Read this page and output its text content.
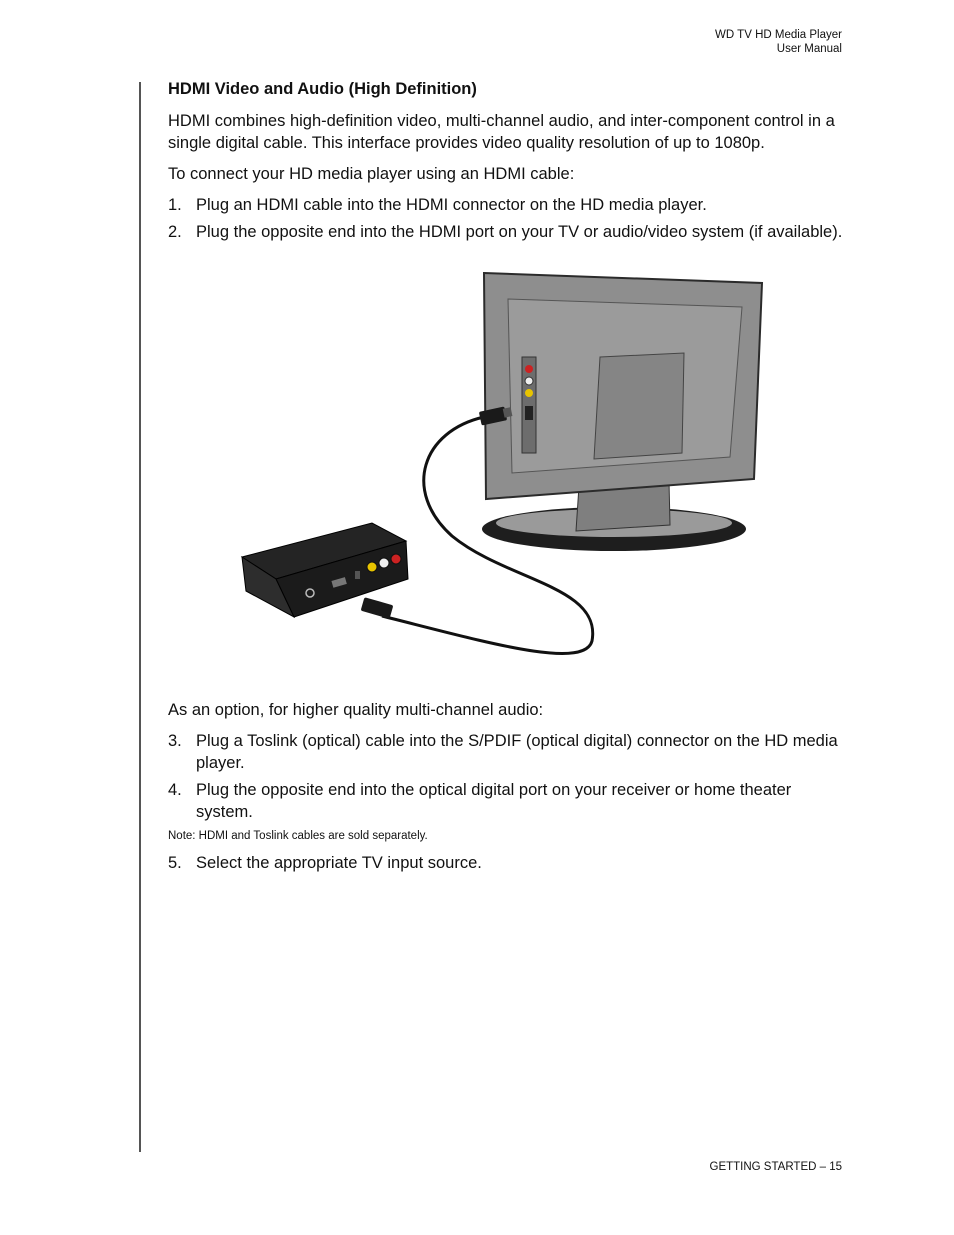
WD TV HD Media Player
User Manual
HDMI Video and Audio (High Definition)

HDMI combines high-definition video, multi-channel audio, and inter-component control in a single digital cable. This interface provides video quality resolution of up to 1080p.

To connect your HD media player using an HDMI cable:

1. Plug an HDMI cable into the HDMI connector on the HD media player.
2. Plug the opposite end into the HDMI port on your TV or audio/video system (if available).

As an option, for higher quality multi-channel audio:

3. Plug a Toslink (optical) cable into the S/PDIF (optical digital) connector on the HD media player.
4. Plug the opposite end into the optical digital port on your receiver or home theater system.
Note: HDMI and Toslink cables are sold separately.
5. Select the appropriate TV input source.
GETTING STARTED – 15
